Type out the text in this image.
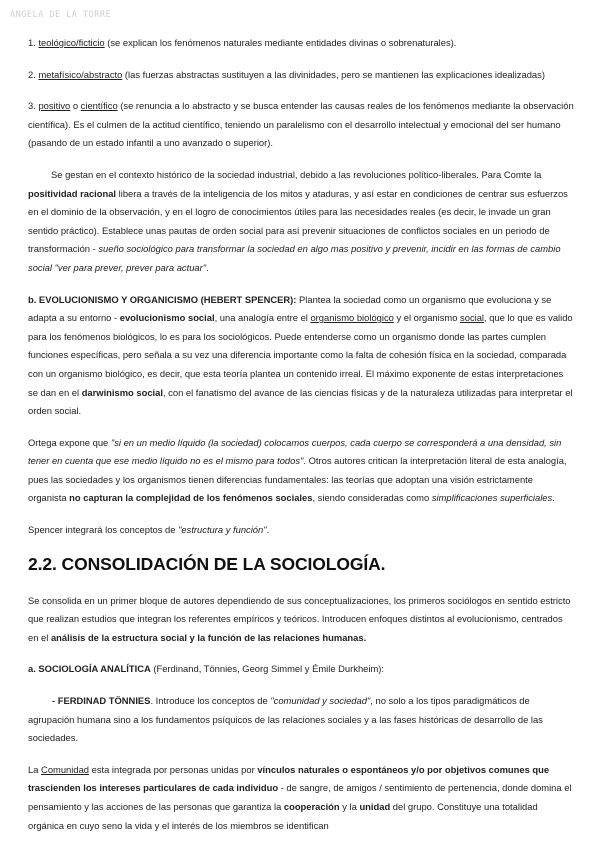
ÁNGELA DE LA TORRE

1. teológico/ficticio (se explican los fenómenos naturales mediante entidades divinas o sobrenaturales).

2. metafísico/abstracto (las fuerzas abstractas sustituyen a las divinidades, pero se mantienen las explicaciones idealizadas)

3. positivo o científico (se renuncia a lo abstracto y se busca entender las causas reales de los fenómenos mediante la observación científica). Es el culmen de la actitud científico, teniendo un paralelismo con el desarrollo intelectual y emocional del ser humano (pasando de un estado infantil a uno avanzado o superior).

Se gestan en el contexto histórico de la sociedad industrial, debido a las revoluciones político-liberales. Para Comte la positividad racional libera a través de la inteligencia de los mitos y ataduras, y así estar en condiciones de centrar sus esfuerzos en el dominio de la observación, y en el logro de conocimientos útiles para las necesidades reales (es decir, le invade un gran sentido práctico). Establece unas pautas de orden social para así prevenir situaciones de conflictos sociales en un periodo de transformación - sueño sociológico para transformar la sociedad en algo mas positivo y prevenir, incidir en las formas de cambio social "ver para prever, prever para actuar".

b. EVOLUCIONISMO Y ORGANICISMO (HEBERT SPENCER): Plantea la sociedad como un organismo que evoluciona y se adapta a su entorno - evolucionismo social, una analogía entre el organismo biológico y el organismo social, que lo que es valido para los fenómenos biológicos, lo es para los sociológicos. Puede entenderse como un organismo donde las partes cumplen funciones específicas, pero señala a su vez una diferencia importante como la falta de cohesión física en la sociedad, comparada con un organismo biológico, es decir, que esta teoría plantea un contenido irreal. El máximo exponente de estas interpretaciones se dan en el darwinismo social, con el fanatismo del avance de las ciencias físicas y de la naturaleza utilizadas para interpretar el orden social.

Ortega expone que "si en un medio líquido (la sociedad) colocamos cuerpos, cada cuerpo se corresponderá a una densidad, sin tener en cuenta que ese medio líquido no es el mismo para todos". Otros autores critican la interpretación literal de esta analogía, pues las sociedades y los organismos tienen diferencias fundamentales: las teorías que adoptan una visión estrictamente organista no capturan la complejidad de los fenómenos sociales, siendo consideradas como simplificaciones superficiales.

Spencer integrará los conceptos de "estructura y función".

2.2. CONSOLIDACIÓN DE LA SOCIOLOGÍA.

Se consolida en un primer bloque de autores dependiendo de sus conceptualizaciones, los primeros sociólogos en sentido estricto que realizan estudios que integran los referentes empíricos y teóricos. Introducen enfoques distintos al evolucionismo, centrados en el análisis de la estructura social y la función de las relaciones humanas.

a. SOCIOLOGÍA ANALÍTICA (Ferdinand, Tönnies, Georg Simmel y Émile Durkheim):

- FERDINAD TÖNNIES. Introduce los conceptos de "comunidad y sociedad", no solo a los tipos paradigmáticos de agrupación humana sino a los fundamentos psíquicos de las relaciones sociales y a las fases históricas de desarrollo de las sociedades.

La Comunidad esta integrada por personas unidas por vínculos naturales o espontáneos y/o por objetivos comunes que trascienden los intereses particulares de cada individuo - de sangre, de amigos / sentimiento de pertenencia, donde domina el pensamiento y las acciones de las personas que garantiza la cooperación y la unidad del grupo. Constituye una totalidad orgánica en cuyo seno la vida y el interés de los miembros se identifican
